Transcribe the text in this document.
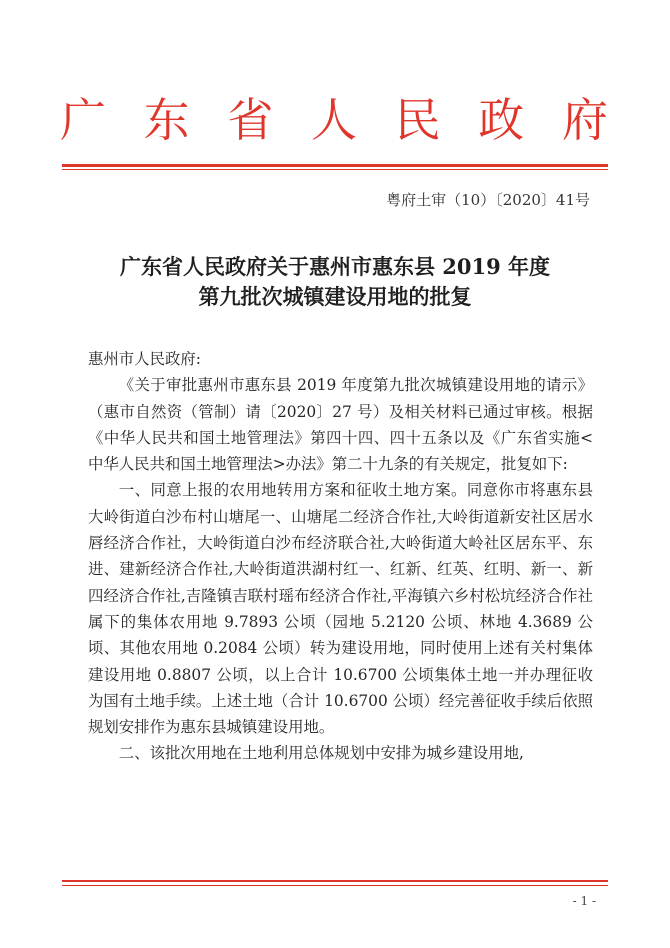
广 东 省 人 民 政 府
粤府土审（10）〔2020〕41号
广东省人民政府关于惠州市惠东县 2019 年度
第九批次城镇建设用地的批复

惠州市人民政府:

《关于审批惠州市惠东县 2019 年度第九批次城镇建设用地的请示》（惠市自然资（管制）请〔2020〕27 号）及相关材料已通过审核。根据《中华人民共和国土地管理法》第四十四、四十五条以及《广东省实施<中华人民共和国土地管理法>办法》第二十九条的有关规定，批复如下:

一、同意上报的农用地转用方案和征收土地方案。同意你市将惠东县大岭街道白沙布村山塘尾一、山塘尾二经济合作社,大岭街道新安社区居水唇经济合作社，大岭街道白沙布经济联合社,大岭街道大岭社区居东平、东进、建新经济合作社,大岭街道洪湖村红一、红新、红英、红明、新一、新四经济合作社,吉隆镇吉联村瑶布经济合作社,平海镇六乡村松坑经济合作社属下的集体农用地 9.7893 公顷（园地 5.2120 公顷、林地 4.3689 公顷、其他农用地 0.2084 公顷）转为建设用地，同时使用上述有关村集体建设用地 0.8807 公顷，以上合计 10.6700 公顷集体土地一并办理征收为国有土地手续。上述土地（合计 10.6700 公顷）经完善征收手续后依照规划安排作为惠东县城镇建设用地。

二、该批次用地在土地利用总体规划中安排为城乡建设用地,

- 1 -
